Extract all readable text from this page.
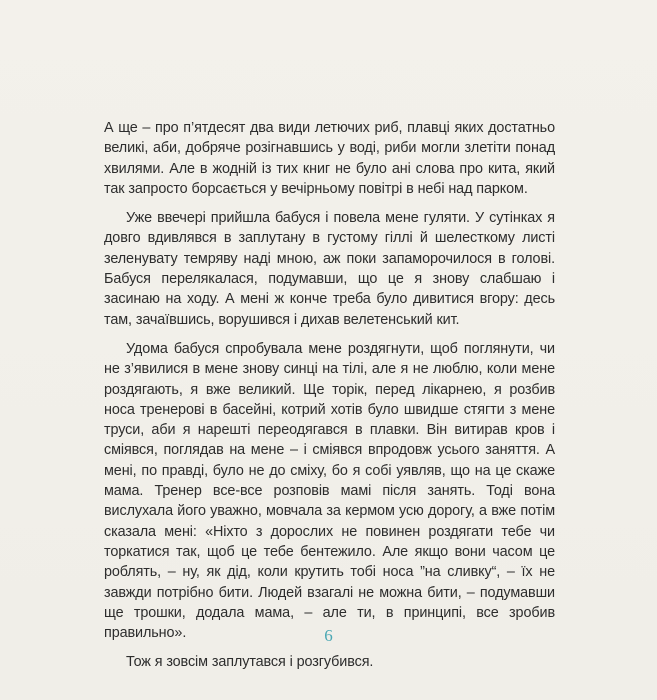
А ще – про п’ятдесят два види летючих риб, плавці яких достатньо великі, аби, добряче розігнавшись у воді, риби могли злетіти понад хвилями. Але в жодній із тих книг не було ані слова про кита, який так запросто борсається у вечірньому повітрі в небі над парком.

Уже ввечері прийшла бабуся і повела мене гуляти. У сутінках я довго вдивлявся в заплутану в густому гіллі й шелесткому листі зеленувату темряву наді мною, аж поки запаморочилося в голові. Бабуся перелякалася, подумавши, що це я знову слабшаю і засинаю на ходу. А мені ж конче треба було дивитися вгору: десь там, зачаївшись, ворушився і дихав велетенський кит.

Удома бабуся спробувала мене роздягнути, щоб поглянути, чи не з’явилися в мене знову синці на тілі, але я не люблю, коли мене роздягають, я вже великий. Ще торік, перед лікарнею, я розбив носа тренерові в басейні, котрий хотів було швидше стягти з мене труси, аби я нарешті переодягався в плавки. Він витирав кров і сміявся, поглядав на мене – і сміявся впродовж усього заняття. А мені, по правді, було не до сміху, бо я собі уявляв, що на це скаже мама. Тренер все-все розповів мамі після занять. Тоді вона вислухала його уважно, мовчала за кермом усю дорогу, а вже потім сказала мені: «Ніхто з дорослих не повинен роздягати тебе чи торкатися так, щоб це тебе бентежило. Але якщо вони часом це роблять, – ну, як дід, коли крутить тобі носа ”на сливку“, – їх не завжди потрібно бити. Людей взагалі не можна бити, – подумавши ще трошки, додала мама, – але ти, в принципі, все зробив правильно».

Тож я зовсім заплутався і розгубився.

6
